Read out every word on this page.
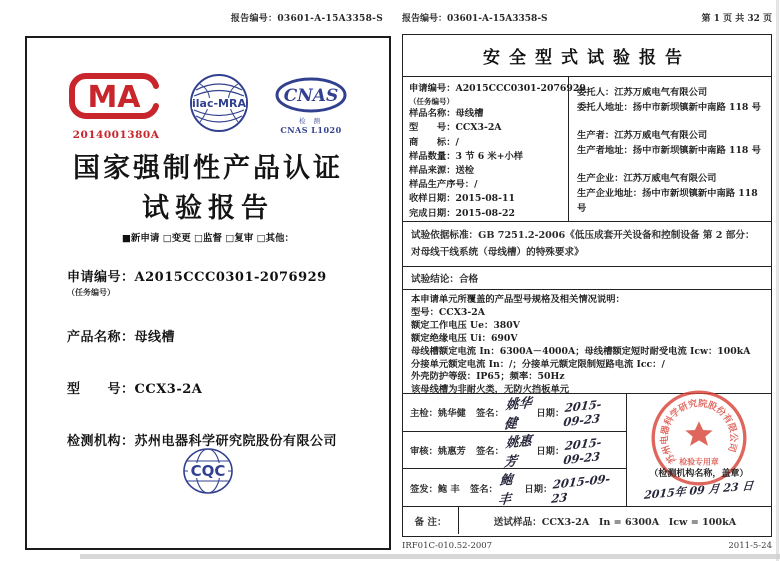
报告编号：03601-A-15A3358-S
MA
2014001380A
ilac-MRA CNAS
检 测
CNAS L1020
国家强制性产品认证
试验报告
■新申请 □变更 □监督 □复审 □其他：
申请编号：A2015CCC0301-2076929
（任务编号）
产品名称：母线槽
型　　号：CCX3-2A
检测机构：苏州电器科学研究院股份有限公司
CQC
报告编号：03601-A-15A3358-S	第 1 页 共 32 页
安全型式试验报告
申请编号：A2015CCC0301-2076929
（任务编号）
样品名称：母线槽
型　　号：CCX3-2A
商　　标：/
样品数量：3 节 6 米+小样
样品来源：送检
样品生产序号：/
收样日期：2015-08-11
完成日期：2015-08-22
委托人：江苏万威电气有限公司
委托人地址：扬中市新坝镇新中南路 118 号
生产者：江苏万威电气有限公司
生产者地址：扬中市新坝镇新中南路 118 号
生产企业：江苏万威电气有限公司
生产企业地址：扬中市新坝镇新中南路 118 号
试验依据标准：GB 7251.2-2006《低压成套开关设备和控制设备 第 2 部分：对母线干线系统（母线槽）的特殊要求》
试验结论：合格
本申请单元所覆盖的产品型号规格及相关情况说明：
型号：CCX3-2A
额定工作电压 Ue：380V
额定绝缘电压 Ui：690V
母线槽额定电流 In：6300A－4000A；母线槽额定短时耐受电流 Icw：100kA
分接单元额定电流 In：/；分接单元额定限制短路电流 Icc：/
外壳防护等级：IP65；频率：50Hz
该母线槽为非耐火类，无防火挡板单元
主检：姚华健
签名：
姚华健
日期： 2015-09-23
审核：姚惠芳
签名：
姚惠芳
日期： 2015-09-23
签发：鲍 丰
签名：
鲍丰
日期： 2015-09-23
苏州电器科学研究院股份有限公司
检验专用章
（检测机构名称，盖章）
2015年 09 月 23 日
备 注：	送试样品：CCX3-2A　In = 6300A　Icw = 100kA
IRF01C-010.52-2007	2011-5-24
